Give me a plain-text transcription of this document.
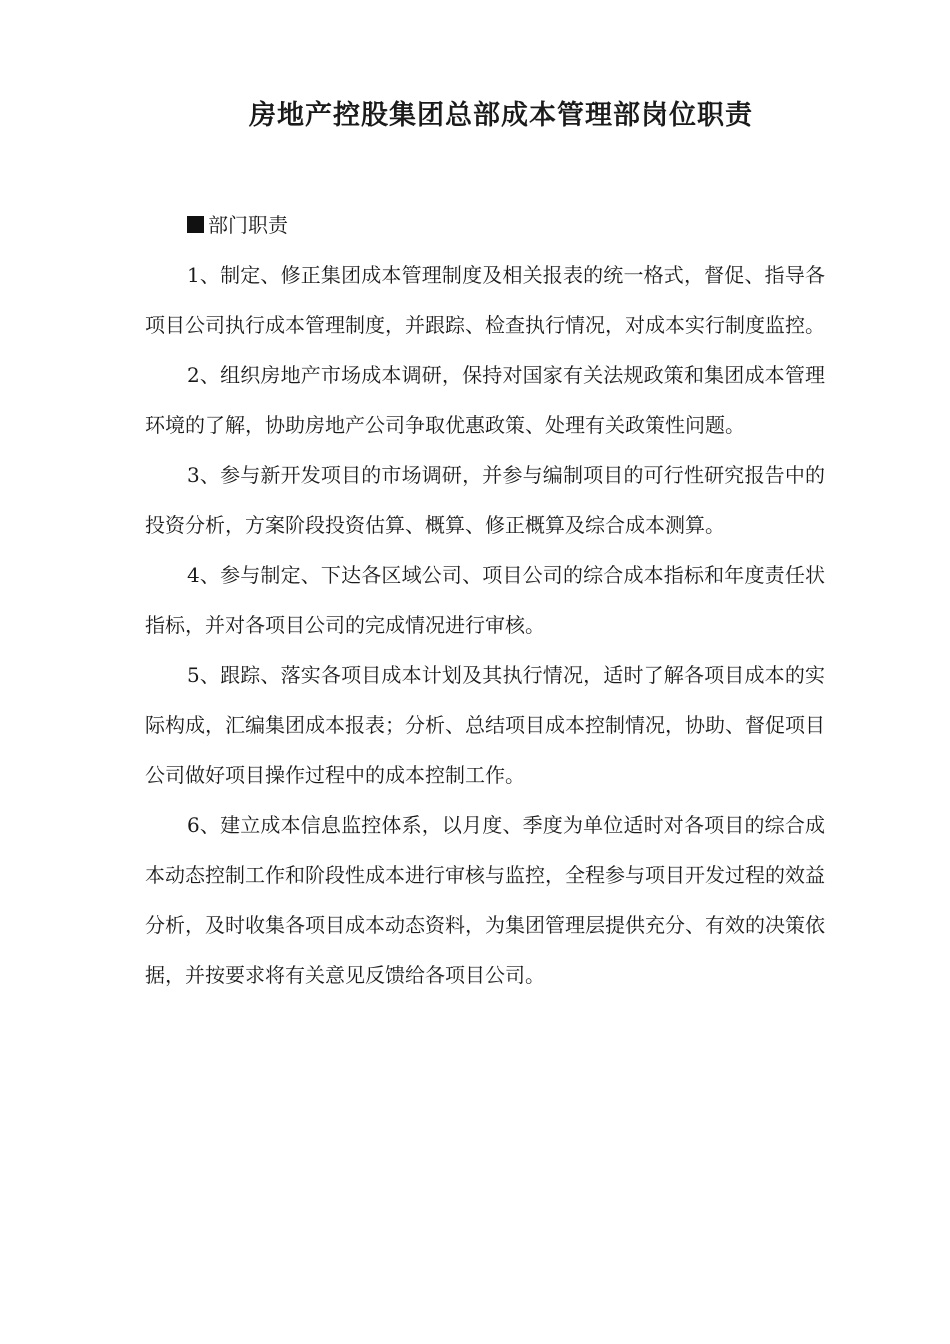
房地产控股集团总部成本管理部岗位职责

部门职责

1、制定、修正集团成本管理制度及相关报表的统一格式，督促、指导各项目公司执行成本管理制度，并跟踪、检查执行情况，对成本实行制度监控。

2、组织房地产市场成本调研，保持对国家有关法规政策和集团成本管理环境的了解，协助房地产公司争取优惠政策、处理有关政策性问题。

3、参与新开发项目的市场调研，并参与编制项目的可行性研究报告中的投资分析，方案阶段投资估算、概算、修正概算及综合成本测算。

4、参与制定、下达各区域公司、项目公司的综合成本指标和年度责任状指标，并对各项目公司的完成情况进行审核。

5、跟踪、落实各项目成本计划及其执行情况，适时了解各项目成本的实际构成，汇编集团成本报表；分析、总结项目成本控制情况，协助、督促项目公司做好项目操作过程中的成本控制工作。

6、建立成本信息监控体系，以月度、季度为单位适时对各项目的综合成本动态控制工作和阶段性成本进行审核与监控，全程参与项目开发过程的效益分析，及时收集各项目成本动态资料，为集团管理层提供充分、有效的决策依据，并按要求将有关意见反馈给各项目公司。
